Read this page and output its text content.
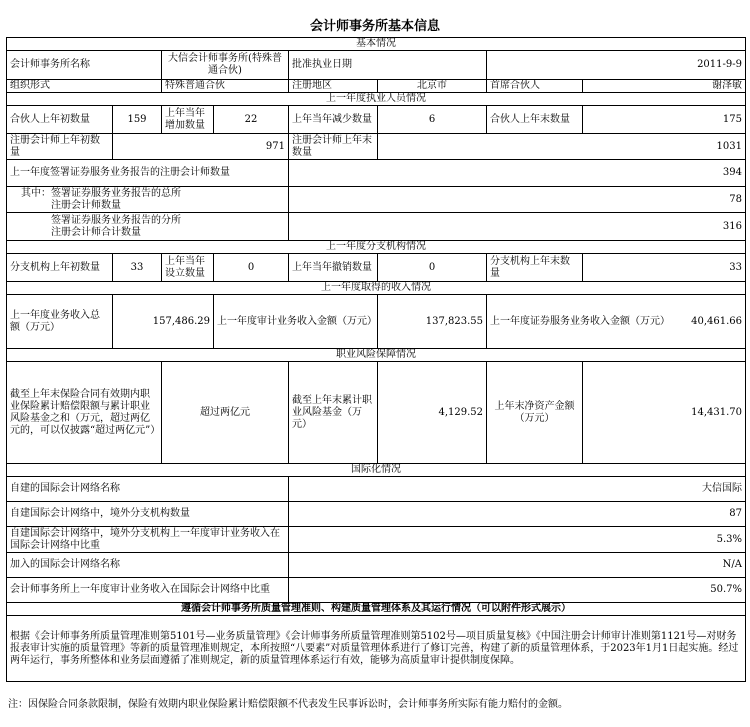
会计师事务所基本信息
基本情况							
会计师事务所名称		大信会计师事务所(特殊普通合伙)		批准执业日期		2011-9-9	
组织形式		特殊普通合伙		注册地区	北京市	首席合伙人	谢泽敏
上一年度执业人员情况							
合伙人上年初数量	159	上年当年增加数量	22	上年当年减少数量	6	合伙人上年末数量	175
注册会计师上年初数量	971			注册会计师上年末数量	1031		
上一年度签署证券服务业务报告的注册会计师数量				394			
其中：签署证券服务业务报告的总所
注册会计师数量				78			
签署证券服务业务报告的分所
注册会计师合计数量				316			
上一年度分支机构情况							
分支机构上年初数量	33	上年当年设立数量	0	上年当年撤销数量	0	分支机构上年末数量	33
上一年度取得的收入情况							
上一年度业务收入总额（万元）	157,486.29		上一年度审计业务收入金额（万元）		137,823.55	上一年度证券服务业务收入金额（万元） 40,461.66	

职业风险保障情况							
截至上年末保险合同有效期内职业保险累计赔偿限额与累计职业风险基金之和（万元，超过两亿元的，可以仅披露“超过两亿元”）		超过两亿元		截至上年末累计职业风险基金（万元）	4,129.52	上年末净资产金额（万元）	14,431.70
国际化情况							
自建的国际会计网络名称				大信国际			
自建国际会计网络中，境外分支机构数量				87			
自建国际会计网络中，境外分支机构上一年度审计业务收入在国际会计网络中比重				5.3%			
加入的国际会计网络名称				N/A			
会计师事务所上一年度审计业务收入在国际会计网络中比重				50.7%			
遵循会计师事务所质量管理准则、构建质量管理体系及其运行情况（可以附件形式展示）							
根据《会计师事务所质量管理准则第5101号—业务质量管理》《会计师事务所质量管理准则第5102号—项目质量复核》《中国注册会计师审计准则第1121号—对财务报表审计实施的质量管理》等新的质量管理准则规定，本所按照“八要素”对质量管理体系进行了修订完善，构建了新的质量管理体系，于2023年1月1日起实施。经过两年运行，事务所整体和业务层面遵循了准则规定，新的质量管理体系运行有效，能够为高质量审计提供制度保障。							
注：因保险合同条款限制，保险有效期内职业保险累计赔偿限额不代表发生民事诉讼时，会计师事务所实际有能力赔付的金额。
